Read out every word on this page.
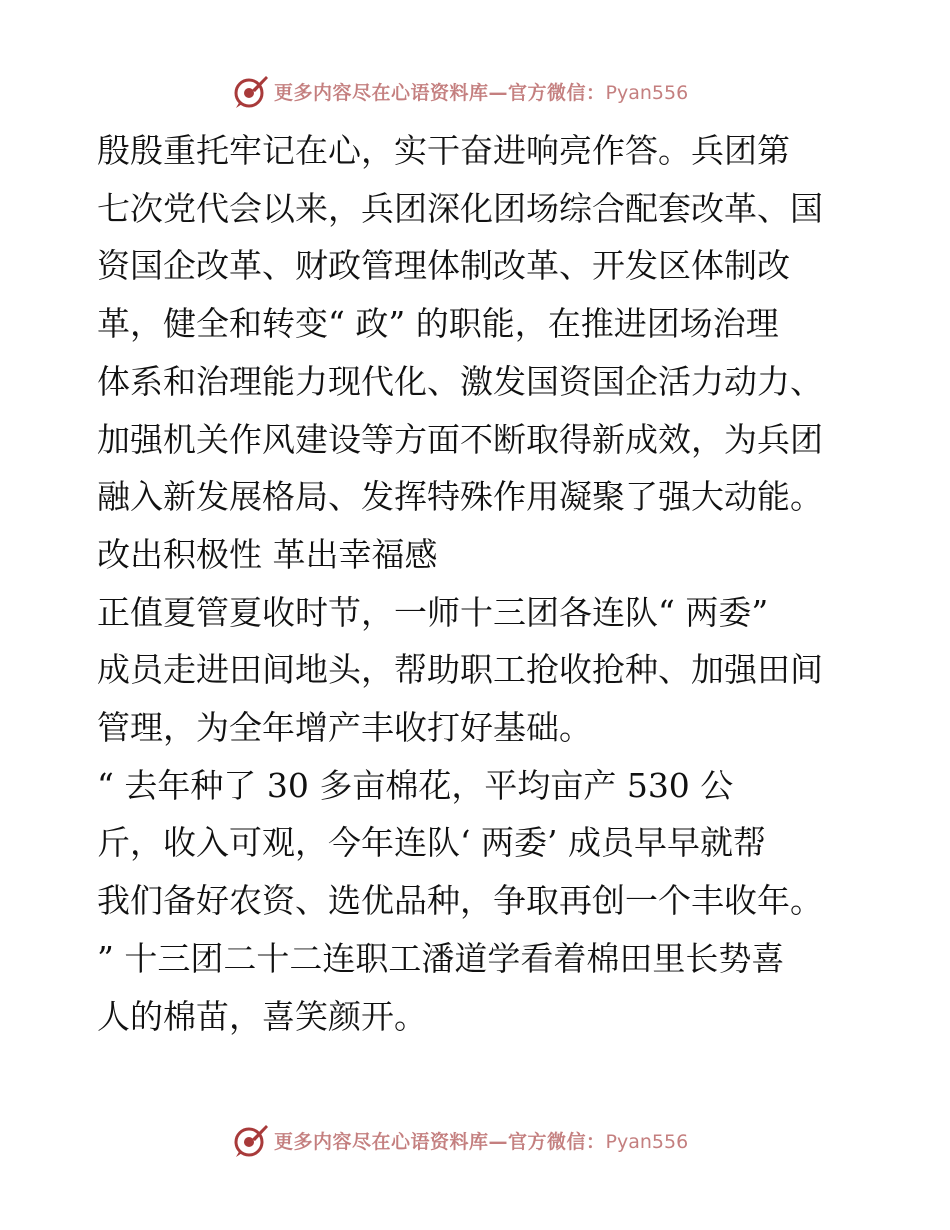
更多内容尽在心语资料库—官方微信：Pyan556

殷殷重托牢记在心，实干奋进响亮作答。兵团第

七次党代会以来，兵团深化团场综合配套改革、国

资国企改革、财政管理体制改革、开发区体制改

革，健全和转变“ 政” 的职能，在推进团场治理

体系和治理能力现代化、激发国资国企活力动力、

加强机关作风建设等方面不断取得新成效，为兵团

融入新发展格局、发挥特殊作用凝聚了强大动能。

改出积极性 革出幸福感

正值夏管夏收时节，一师十三团各连队“ 两委”

成员走进田间地头，帮助职工抢收抢种、加强田间

管理，为全年增产丰收打好基础。

“ 去年种了 30 多亩棉花，平均亩产 530 公

斤，收入可观，今年连队‘ 两委’ 成员早早就帮

我们备好农资、选优品种，争取再创一个丰收年。

” 十三团二十二连职工潘道学看着棉田里长势喜

人的棉苗，喜笑颜开。

更多内容尽在心语资料库—官方微信：Pyan556
